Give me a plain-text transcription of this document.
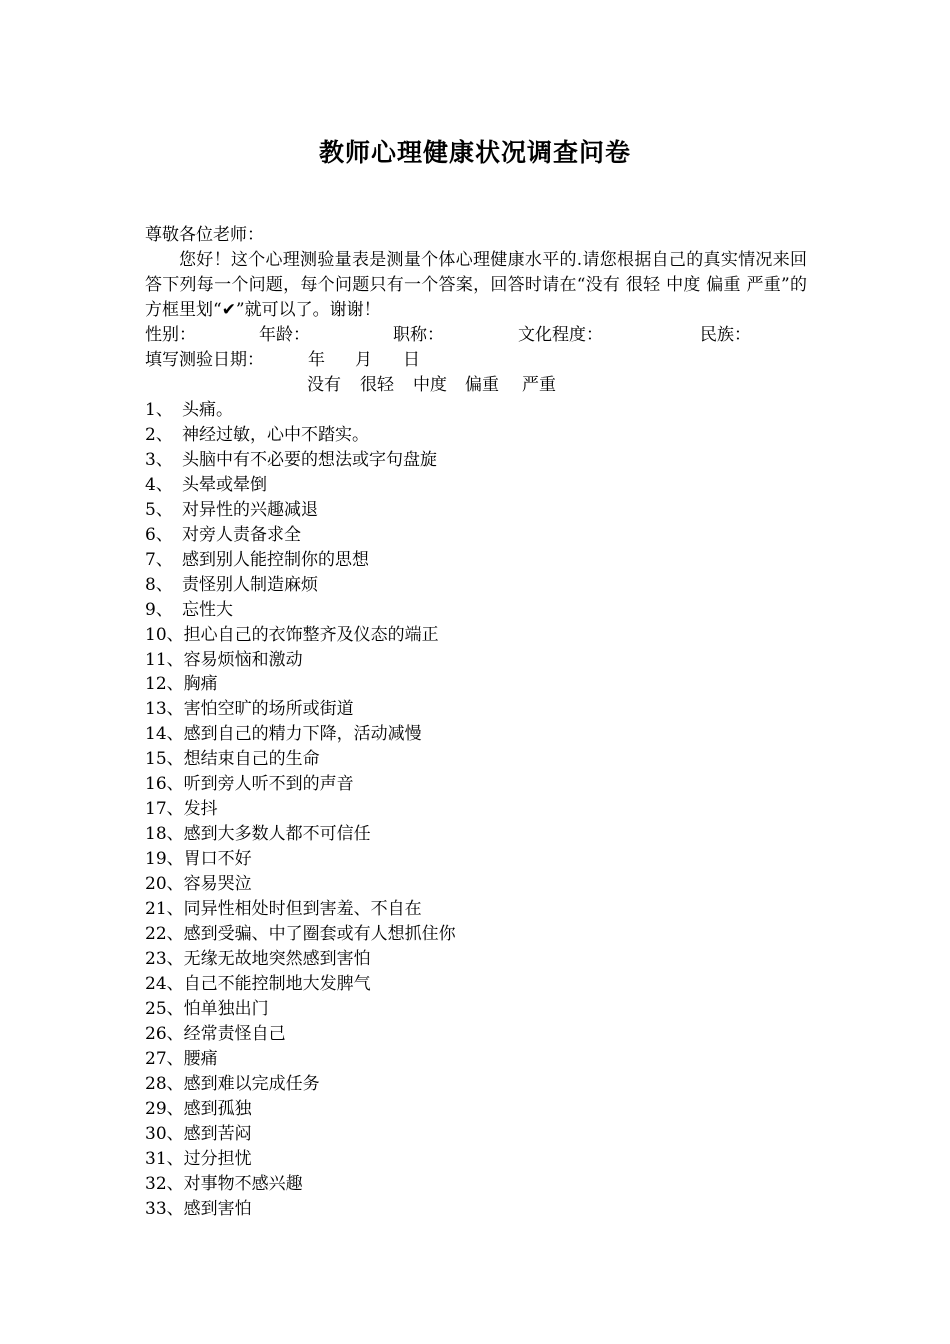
教师心理健康状况调查问卷
尊敬各位老师：
您好！这个心理测验量表是测量个体心理健康水平的.请您根据自己的真实情况来回答下列每一个问题，每个问题只有一个答案，回答时请在“没有 很轻 中度 偏重 严重”的方框里划“✔”就可以了。谢谢！
性别：	年龄：	职称：	文化程度：	民族：
填写测验日期：	年 月 日
没有	很轻	中度	偏重	严重
1、 头痛。
2、 神经过敏，心中不踏实。
3、 头脑中有不必要的想法或字句盘旋
4、 头晕或晕倒
5、 对异性的兴趣减退
6、 对旁人责备求全
7、 感到别人能控制你的思想
8、 责怪别人制造麻烦
9、 忘性大
10、 担心自己的衣饰整齐及仪态的端正
11、 容易烦恼和激动
12、 胸痛
13、 害怕空旷的场所或街道
14、 感到自己的精力下降，活动减慢
15、 想结束自己的生命
16、 听到旁人听不到的声音
17、 发抖
18、 感到大多数人都不可信任
19、 胃口不好
20、 容易哭泣
21、 同异性相处时但到害羞、不自在
22、 感到受骗、中了圈套或有人想抓住你
23、 无缘无故地突然感到害怕
24、 自己不能控制地大发脾气
25、 怕单独出门
26、 经常责怪自己
27、 腰痛
28、 感到难以完成任务
29、 感到孤独
30、 感到苦闷
31、 过分担忧
32、 对事物不感兴趣
33、 感到害怕
